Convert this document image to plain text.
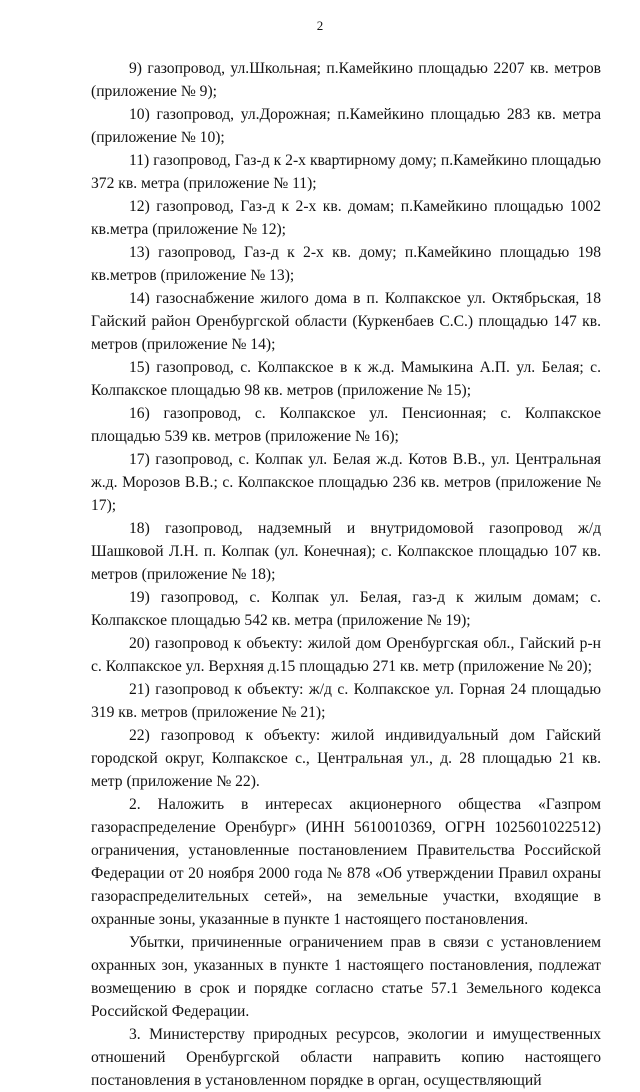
2

9) газопровод, ул.Школьная; п.Камейкино площадью 2207 кв. метров (приложение № 9);

10) газопровод, ул.Дорожная; п.Камейкино площадью 283 кв. метра (приложение № 10);

11) газопровод, Газ-д к 2-х квартирному дому; п.Камейкино площадью 372 кв. метра (приложение № 11);

12) газопровод, Газ-д к 2-х кв. домам; п.Камейкино площадью 1002 кв.метра (приложение № 12);

13) газопровод, Газ-д к 2-х кв. дому; п.Камейкино площадью 198 кв.метров (приложение № 13);

14) газоснабжение жилого дома в п. Колпакское ул. Октябрьская, 18 Гайский район Оренбургской области (Куркенбаев С.С.) площадью 147 кв. метров (приложение № 14);

15) газопровод, с. Колпакское в к ж.д. Мамыкина А.П. ул. Белая; с. Колпакское площадью 98 кв. метров (приложение № 15);

16) газопровод, с. Колпакское ул. Пенсионная; с. Колпакское площадью 539 кв. метров (приложение № 16);

17) газопровод, с. Колпак ул. Белая ж.д. Котов В.В., ул. Центральная ж.д. Морозов В.В.; с. Колпакское площадью 236 кв. метров (приложение № 17);

18) газопровод, надземный и внутридомовой газопровод ж/д Шашковой Л.Н. п. Колпак (ул. Конечная); с. Колпакское площадью 107 кв. метров (приложение № 18);

19) газопровод, с. Колпак ул. Белая, газ-д к жилым домам; с. Колпакское площадью 542 кв. метра (приложение № 19);

20) газопровод к объекту: жилой дом Оренбургская обл., Гайский р-н с. Колпакское ул. Верхняя д.15 площадью 271 кв. метр (приложение № 20);

21) газопровод к объекту: ж/д с. Колпакское ул. Горная 24 площадью 319 кв. метров (приложение № 21);

22) газопровод к объекту: жилой индивидуальный дом Гайский городской округ, Колпакское с., Центральная ул., д. 28 площадью 21 кв. метр (приложение № 22).

2. Наложить в интересах акционерного общества «Газпром газораспределение Оренбург» (ИНН 5610010369, ОГРН 1025601022512) ограничения, установленные постановлением Правительства Российской Федерации от 20 ноября 2000 года № 878 «Об утверждении Правил охраны газораспределительных сетей», на земельные участки, входящие в охранные зоны, указанные в пункте 1 настоящего постановления.

Убытки, причиненные ограничением прав в связи с установлением охранных зон, указанных в пункте 1 настоящего постановления, подлежат возмещению в срок и порядке согласно статье 57.1 Земельного кодекса Российской Федерации.

3. Министерству природных ресурсов, экологии и имущественных отношений Оренбургской области направить копию настоящего постановления в установленном порядке в орган, осуществляющий
